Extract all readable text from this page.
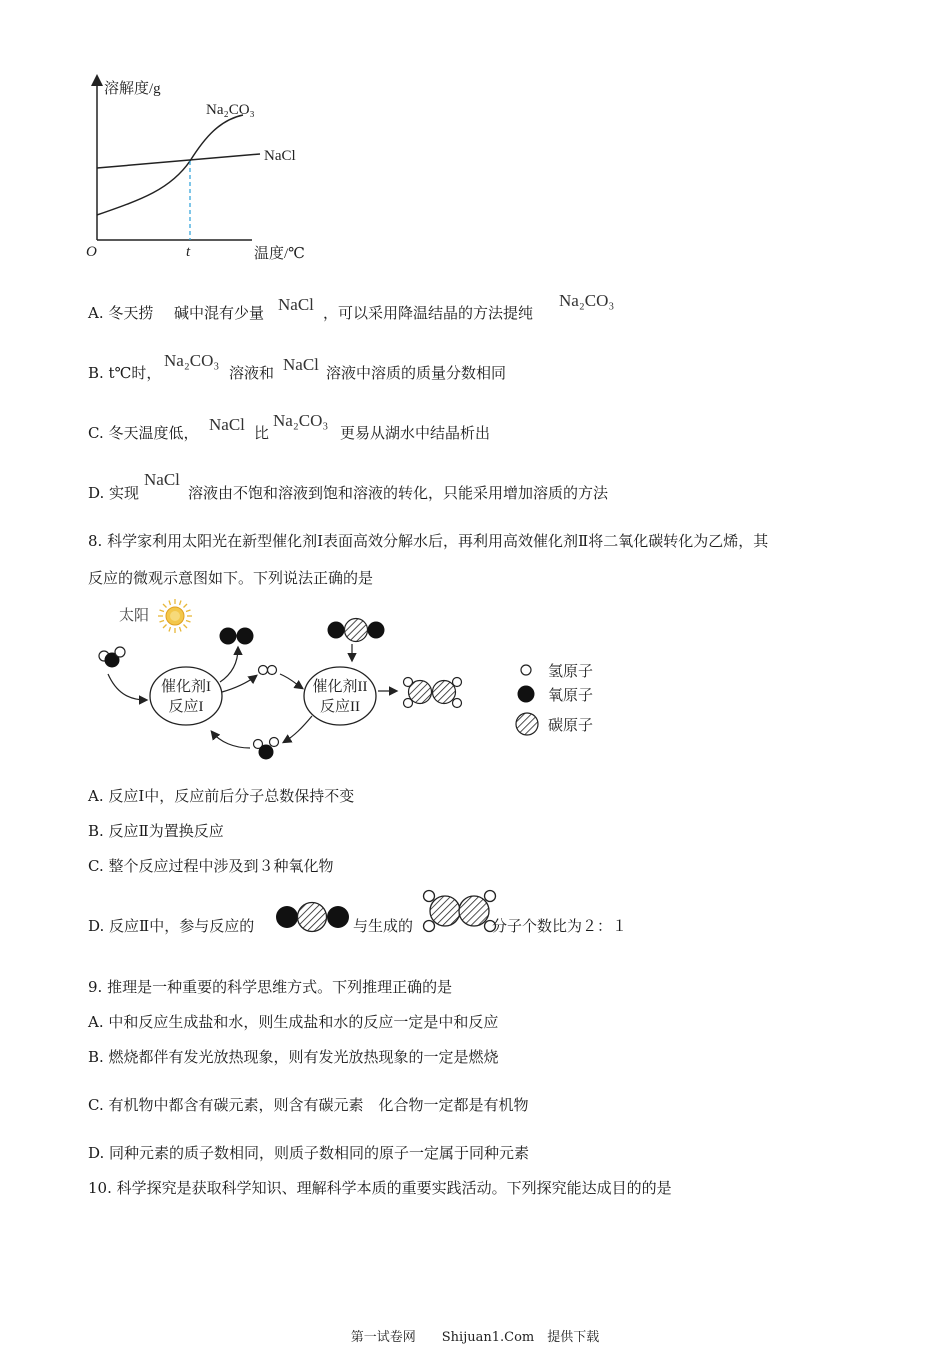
溶解度/g
温度/℃
O	t
Na₂CO₃
NaCl
A. 冬天捞 碱中混有少量 NaCl ，可以采用降温结晶的方法提纯
Na₂CO₃
B. t℃时，
Na₂CO₃
溶液和 NaCl 溶液中溶质的质量分数相同
C. 冬天温度低， NaCl 比
Na₂CO₃
更易从湖水中结晶析出
D. 实现
NaCl
溶液由不饱和溶液到饱和溶液的转化，只能采用增加溶质的方法
8. 科学家利用太阳光在新型催化剂Ⅰ表面高效分解水后，再利用高效催化剂Ⅱ将二氧化碳转化为乙烯，其
反应的微观示意图如下。下列说法正确的是
太阳
催化剂I
反应I
催化剂II
反应II
氢原子
氧原子
碳原子
A. 反应Ⅰ中，反应前后分子总数保持不变
B. 反应Ⅱ为置换反应
C. 整个反应过程中涉及到３种氧化物
D. 反应Ⅱ中，参与反应的	与生成的	分子个数比为２：１
9. 推理是一种重要的科学思维方式。下列推理正确的是
A. 中和反应生成盐和水，则生成盐和水的反应一定是中和反应
B. 燃烧都伴有发光放热现象，则有发光放热现象的一定是燃烧
C. 有机物中都含有碳元素，则含有碳元素　化合物一定都是有机物
D. 同种元素的质子数相同，则质子数相同的原子一定属于同种元素
10. 科学探究是获取科学知识、理解科学本质的重要实践活动。下列探究能达成目的的是
第一试卷网　　Shijuan1.Com　提供下载
